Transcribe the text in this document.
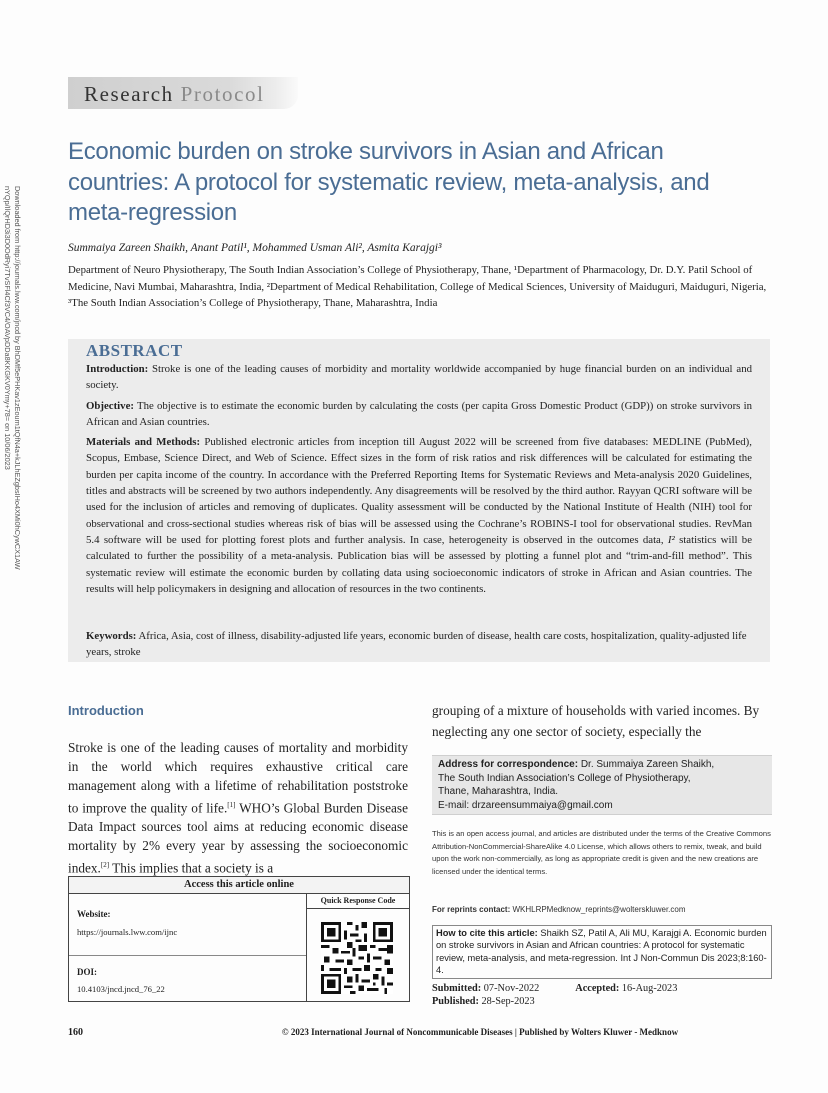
Downloaded from http://journals.lww.com/jncd by BhDMf5ePHKav1zEoum1tQfN4a+kJLhEZgbsIHo4XMi0hCywCX1AW
nYQp/IlQrHD3i3D0OdRyi7TvSFl4Cf3VC4/OAVpDDa8KKGKV0Ymy+78= on 10/06/2023
Research Protocol
Economic burden on stroke survivors in Asian and African countries: A protocol for systematic review, meta-analysis, and meta-regression
Summaiya Zareen Shaikh, Anant Patil¹, Mohammed Usman Ali², Asmita Karajgi³
Department of Neuro Physiotherapy, The South Indian Association’s College of Physiotherapy, Thane, ¹Department of Pharmacology, Dr. D.Y. Patil School of Medicine, Navi Mumbai, Maharashtra, India, ²Department of Medical Rehabilitation, College of Medical Sciences, University of Maiduguri, Maiduguri, Nigeria, ³The South Indian Association’s College of Physiotherapy, Thane, Maharashtra, India
ABSTRACT

Introduction: Stroke is one of the leading causes of morbidity and mortality worldwide accompanied by huge financial burden on an individual and society.

Objective: The objective is to estimate the economic burden by calculating the costs (per capita Gross Domestic Product (GDP)) on stroke survivors in African and Asian countries.

Materials and Methods: Published electronic articles from inception till August 2022 will be screened from five databases: MEDLINE (PubMed), Scopus, Embase, Science Direct, and Web of Science. Effect sizes in the form of risk ratios and risk differences will be calculated for estimating the burden per capita income of the country. In accordance with the Preferred Reporting Items for Systematic Reviews and Meta-analysis 2020 Guidelines, titles and abstracts will be screened by two authors independently. Any disagreements will be resolved by the third author. Rayyan QCRI software will be used for the inclusion of articles and removing of duplicates. Quality assessment will be conducted by the National Institute of Health (NIH) tool for observational and cross-sectional studies whereas risk of bias will be assessed using the Cochrane’s ROBINS-I tool for observational studies. RevMan 5.4 software will be used for plotting forest plots and further analysis. In case, heterogeneity is observed in the outcomes data, I² statistics will be calculated to further the possibility of a meta-analysis. Publication bias will be assessed by plotting a funnel plot and “trim-and-fill method”. This systematic review will estimate the economic burden by collating data using socioeconomic indicators of stroke in African and Asian countries. The results will help policymakers in designing and allocation of resources in the two continents.

Keywords: Africa, Asia, cost of illness, disability-adjusted life years, economic burden of disease, health care costs, hospitalization, quality-adjusted life years, stroke
Introduction
Stroke is one of the leading causes of mortality and morbidity in the world which requires exhaustive critical care management along with a lifetime of rehabilitation poststroke to improve the quality of life.[1] WHO’s Global Burden Disease Data Impact sources tool aims at reducing economic disease mortality by 2% every year by assessing the socioeconomic index.[2] This implies that a society is a
grouping of a mixture of households with varied incomes. By neglecting any one sector of society, especially the
Address for correspondence: Dr. Summaiya Zareen Shaikh,
The South Indian Association’s College of Physiotherapy,
Thane, Maharashtra, India.
E-mail: drzareensummaiya@gmail.com
This is an open access journal, and articles are distributed under the terms of the Creative Commons Attribution-NonCommercial-ShareAlike 4.0 License, which allows others to remix, tweak, and build upon the work non-commercially, as long as appropriate credit is given and the new creations are licensed under the identical terms.
For reprints contact: WKHLRPMedknow_reprints@wolterskluwer.com
How to cite this article: Shaikh SZ, Patil A, Ali MU, Karajgi A. Economic burden on stroke survivors in Asian and African countries: A protocol for systematic review, meta-analysis, and meta-regression. Int J Non-Commun Dis 2023;8:160-4.
Submitted: 07-Nov-2022	Accepted: 16-Aug-2023
Published: 28-Sep-2023
Access this article online
Quick Response Code
Website:
https://journals.lww.com/ijnc
DOI:
10.4103/jncd.jncd_76_22
160	© 2023 International Journal of Noncommunicable Diseases | Published by Wolters Kluwer - Medknow
